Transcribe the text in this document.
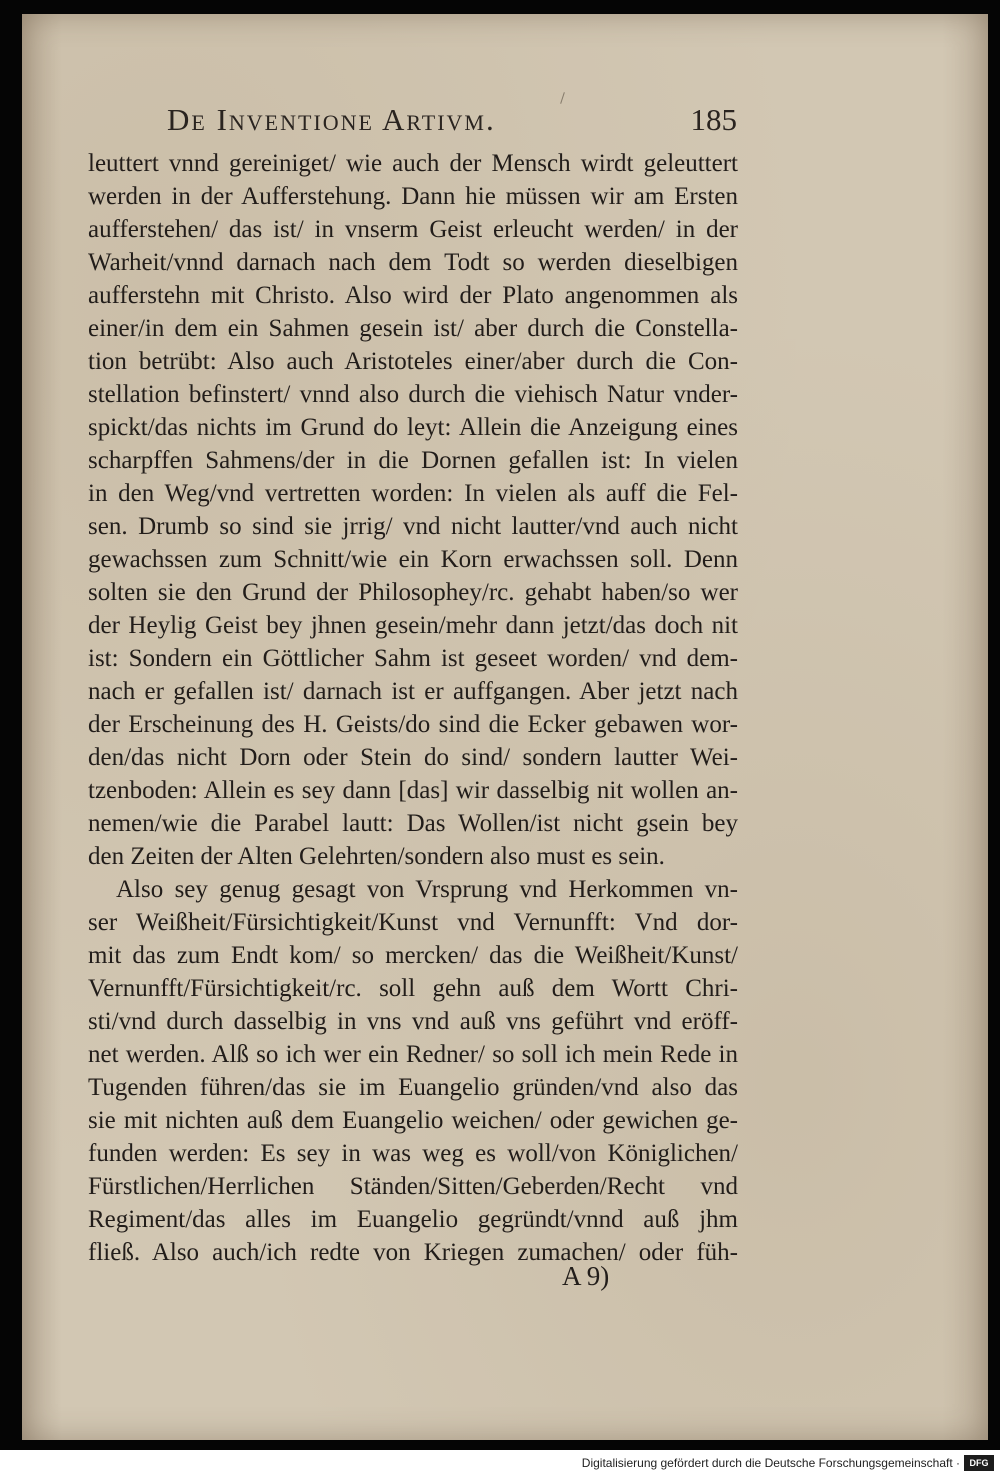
De Inventione Artivm.	185
leuttert vnnd gereiniget/ wie auch der Mensch wirdt geleuttert
werden in der Aufferstehung. Dann hie müssen wir am Ersten
aufferstehen/ das ist/ in vnserm Geist erleucht werden/ in der
Warheit/vnnd darnach nach dem Todt so werden dieselbigen
aufferstehn mit Christo. Also wird der Plato angenommen als
einer/in dem ein Sahmen gesein ist/ aber durch die Constella-
tion betrübt: Also auch Aristoteles einer/aber durch die Con-
stellation befinstert/ vnnd also durch die viehisch Natur vnder-
spickt/das nichts im Grund do leyt: Allein die Anzeigung eines
scharpffen Sahmens/der in die Dornen gefallen ist: In vielen
in den Weg/vnd vertretten worden: In vielen als auff die Fel-
sen. Drumb so sind sie jrrig/ vnd nicht lautter/vnd auch nicht
gewachssen zum Schnitt/wie ein Korn erwachssen soll. Denn
solten sie den Grund der Philosophey/rc. gehabt haben/so wer
der Heylig Geist bey jhnen gesein/mehr dann jetzt/das doch nit
ist: Sondern ein Göttlicher Sahm ist geseet worden/ vnd dem-
nach er gefallen ist/ darnach ist er auffgangen. Aber jetzt nach
der Erscheinung des H. Geists/do sind die Ecker gebawen wor-
den/das nicht Dorn oder Stein do sind/ sondern lautter Wei-
tzenboden: Allein es sey dann [das] wir dasselbig nit wollen an-
nemen/wie die Parabel lautt: Das Wollen/ist nicht gsein bey
den Zeiten der Alten Gelehrten/sondern also must es sein.
Also sey genug gesagt von Vrsprung vnd Herkommen vn-
ser Weißheit/Fürsichtigkeit/Kunst vnd Vernunfft: Vnd dor-
mit das zum Endt kom/ so mercken/ das die Weißheit/Kunst/
Vernunfft/Fürsichtigkeit/rc. soll gehn auß dem Wortt Chri-
sti/vnd durch dasselbig in vns vnd auß vns geführt vnd eröff-
net werden. Alß so ich wer ein Redner/ so soll ich mein Rede in
Tugenden führen/das sie im Euangelio gründen/vnd also das
sie mit nichten auß dem Euangelio weichen/ oder gewichen ge-
funden werden: Es sey in was weg es woll/von Königlichen/
Fürstlichen/Herrlichen Ständen/Sitten/Geberden/Recht vnd
Regiment/das alles im Euangelio gegründt/vnnd auß jhm
fließ. Also auch/ich redte von Kriegen zumachen/ oder füh-
A 9)
Digitalisierung gefördert durch die Deutsche Forschungsgemeinschaft ·	DFG
